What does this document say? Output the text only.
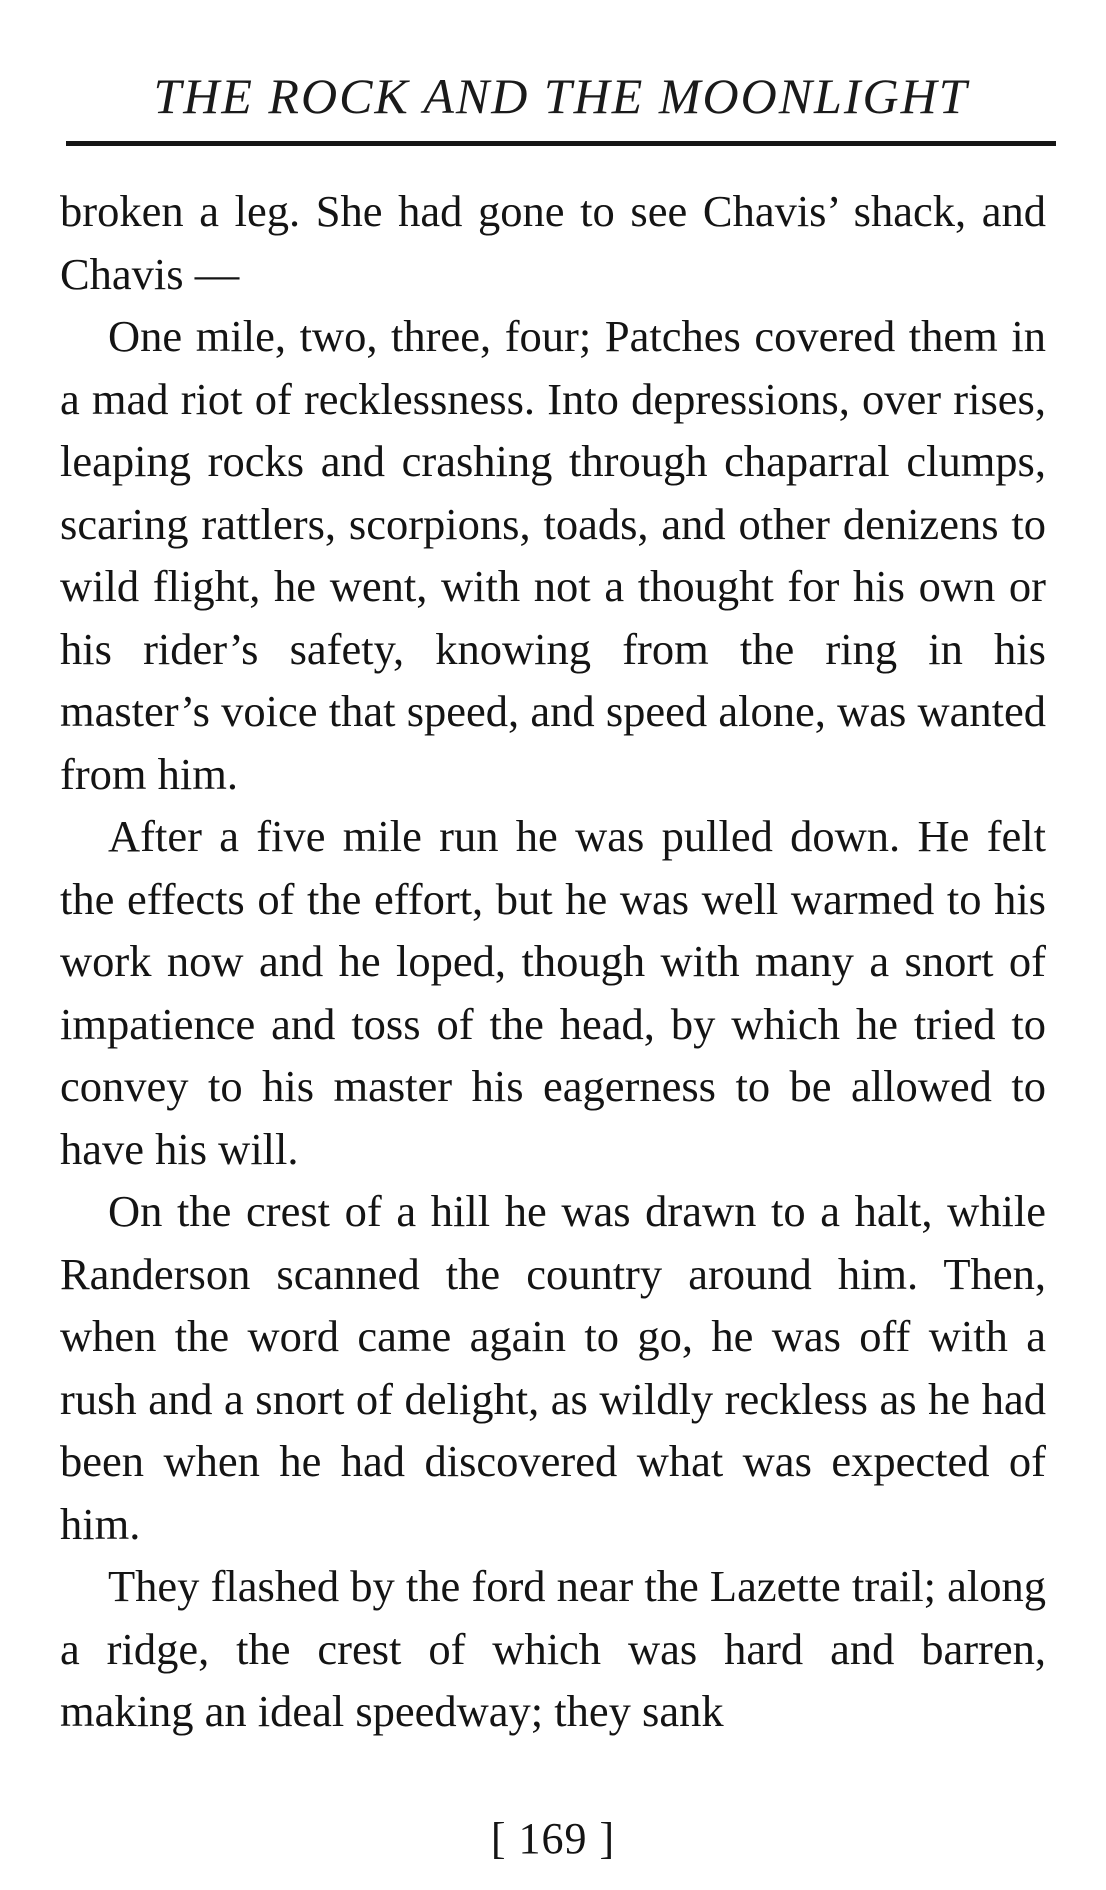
THE ROCK AND THE MOONLIGHT

broken a leg. She had gone to see Chavis’ shack, and Chavis —

One mile, two, three, four; Patches covered them in a mad riot of recklessness. Into depressions, over rises, leaping rocks and crashing through chaparral clumps, scaring rattlers, scorpions, toads, and other denizens to wild flight, he went, with not a thought for his own or his rider’s safety, knowing from the ring in his master’s voice that speed, and speed alone, was wanted from him.

After a five mile run he was pulled down. He felt the effects of the effort, but he was well warmed to his work now and he loped, though with many a snort of impatience and toss of the head, by which he tried to convey to his master his eagerness to be allowed to have his will.

On the crest of a hill he was drawn to a halt, while Randerson scanned the country around him. Then, when the word came again to go, he was off with a rush and a snort of delight, as wildly reckless as he had been when he had discovered what was expected of him.

They flashed by the ford near the Lazette trail; along a ridge, the crest of which was hard and barren, making an ideal speedway; they sank

[ 169 ]
